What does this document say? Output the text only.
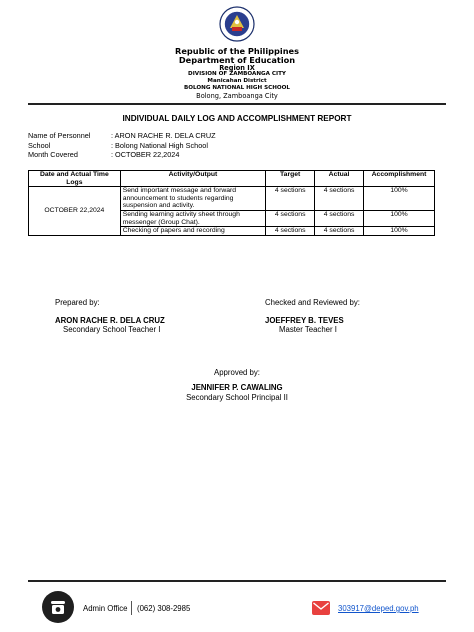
Republic of the Philippines
Department of Education
Region IX
DIVISION OF ZAMBOANGA CITY
Manicahan District
BOLONG NATIONAL HIGH SCHOOL
Bolong, Zamboanga City
INDIVIDUAL DAILY LOG AND ACCOMPLISHMENT REPORT
Name of Personnel	: ARON RACHE R. DELA CRUZ
School	: Bolong National High School
Month Covered	: OCTOBER 22,2024
Date and Actual Time Logs	Activity/Output	Target	Actual	Accomplishment
OCTOBER 22,2024	Send important message and forward announcement to students regarding suspension and activity.	4 sections	4 sections	100%
	Sending learning activity sheet through messenger (Group Chat).	4 sections	4 sections	100%
	Checking of papers and recording	4 sections	4 sections	100%
Prepared by:
ARON RACHE R. DELA CRUZ
Secondary School Teacher I
Checked and Reviewed by:
JOEFFREY B. TEVES
Master Teacher I
Approved by:
JENNIFER P. CAWALING
Secondary School Principal II
Admin Office (062) 308-2985	303917@deped.gov.ph
